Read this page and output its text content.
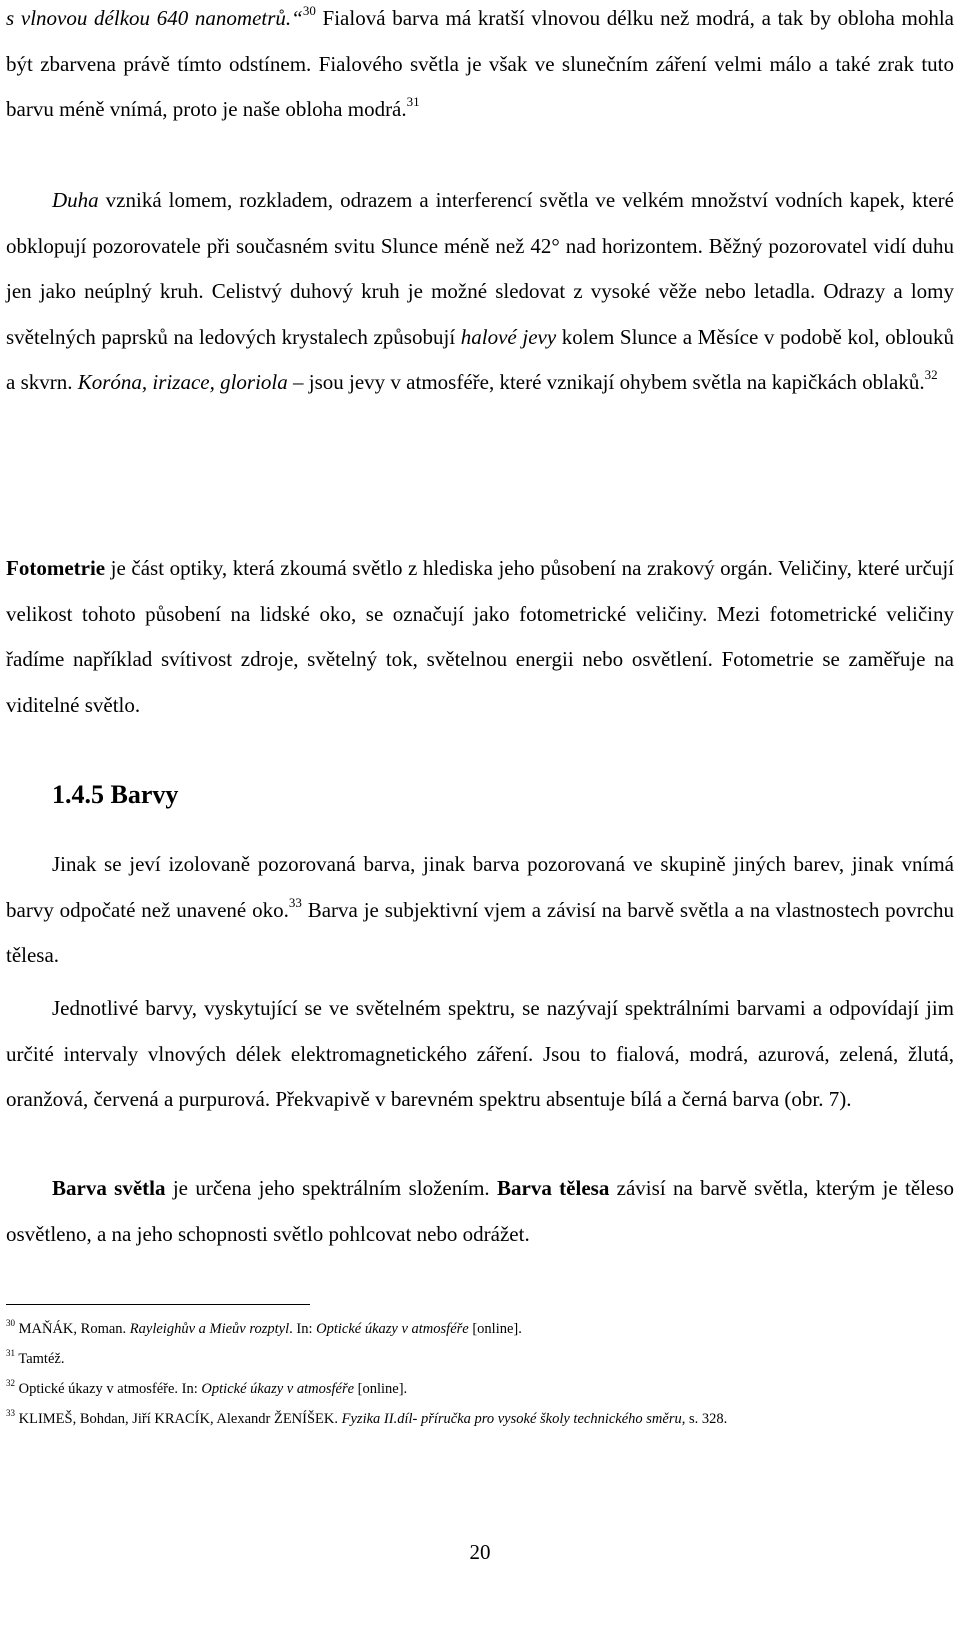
s vlnovou délkou 640 nanometrů.“$^{30}$ Fialová barva má kratší vlnovou délku než modrá, a tak by obloha mohla být zbarvena právě tímto odstínem. Fialového světla je však ve slunečním záření velmi málo a také zrak tuto barvu méně vnímá, proto je naše obloha modrá.$^{31}$

Duha vzniká lomem, rozkladem, odrazem a interferencí světla ve velkém množství vodních kapek, které obklopují pozorovatele při současném svitu Slunce méně než 42° nad horizontem. Běžný pozorovatel vidí duhu jen jako neúplný kruh. Celistvý duhový kruh je možné sledovat z vysoké věže nebo letadla. Odrazy a lomy světelných paprsků na ledových krystalech způsobují halové jevy kolem Slunce a Měsíce v podobě kol, oblouků a skvrn. Koróna, irizace, gloriola – jsou jevy v atmosféře, které vznikají ohybem světla na kapičkách oblaků.$^{32}$

Fotometrie je část optiky, která zkoumá světlo z hlediska jeho působení na zrakový orgán. Veličiny, které určují velikost tohoto působení na lidské oko, se označují jako fotometrické veličiny. Mezi fotometrické veličiny řadíme například svítivost zdroje, světelný tok, světelnou energii nebo osvětlení. Fotometrie se zaměřuje na viditelné světlo.

1.4.5 Barvy

Jinak se jeví izolovaně pozorovaná barva, jinak barva pozorovaná ve skupině jiných barev, jinak vnímá barvy odpočaté než unavené oko.$^{33}$ Barva je subjektivní vjem a závisí na barvě světla a na vlastnostech povrchu tělesa.

Jednotlivé barvy, vyskytující se ve světelném spektru, se nazývají spektrálními barvami a odpovídají jim určité intervaly vlnových délek elektromagnetického záření. Jsou to fialová, modrá, azurová, zelená, žlutá, oranžová, červená a purpurová. Překvapivě v barevném spektru absentuje bílá a černá barva (obr. 7).

Barva světla je určena jeho spektrálním složením. Barva tělesa závisí na barvě světla, kterým je těleso osvětleno, a na jeho schopnosti světlo pohlcovat nebo odrážet.

$^{30}$ MAŇÁK, Roman. Rayleighův a Mieův rozptyl. In: Optické úkazy v atmosféře [online].
$^{31}$ Tamtéž.
$^{32}$ Optické úkazy v atmosféře. In: Optické úkazy v atmosféře [online].
$^{33}$ KLIMEŠ, Bohdan, Jiří KRACÍK, Alexandr ŽENÍŠEK. Fyzika II.díl- příručka pro vysoké školy technického směru, s. 328.
20
